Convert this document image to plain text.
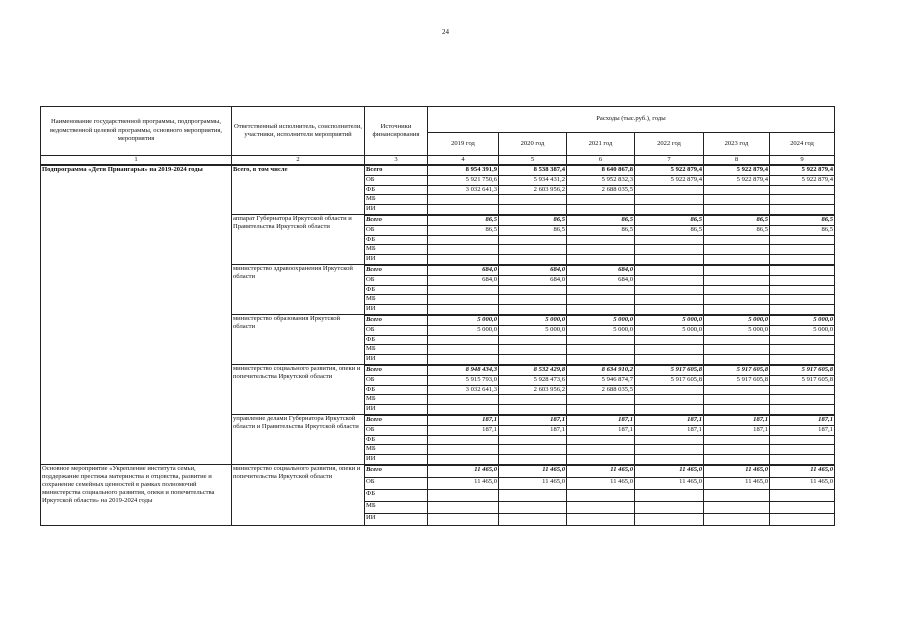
24
Наименование государственной программы, подпрограммы, ведомственной целевой программы, основного мероприятия, мероприятия	Ответственный исполнитель, соисполнители, участники, исполнители мероприятий	Источники финансирования	Расходы (тыс.руб.), годы					
			2019 год	2020 год	2021 год	2022 год	2023 год	2024 год
1	2	3	4	5	6	7	8	9
Подпрограмма «Дети Приангарья» на 2019-2024 годы	Всего, в том числе	Всего	8 954 391,9	8 538 387,4	8 640 867,8	5 922 879,4	5 922 879,4	5 922 879,4
		ОБ	5 921 750,6	5 934 431,2	5 952 832,3	5 922 879,4	5 922 879,4	5 922 879,4
		ФБ	3 032 641,3	2 603 956,2	2 688 035,5			
		МБ						
		ИИ						
	аппарат Губернатора Иркутской области и Правительства Иркутской области	Всего	86,5	86,5	86,5	86,5	86,5	86,5
		ОБ	86,5	86,5	86,5	86,5	86,5	86,5
		ФБ						
		МБ						
		ИИ						
	министерство здравоохранения Иркутской области	Всего	684,0	684,0	684,0			
		ОБ	684,0	684,0	684,0			
		ФБ						
		МБ						
		ИИ						
	министерство образования Иркутской области	Всего	5 000,0	5 000,0	5 000,0	5 000,0	5 000,0	5 000,0
		ОБ	5 000,0	5 000,0	5 000,0	5 000,0	5 000,0	5 000,0
		ФБ						
		МБ						
		ИИ						
	министерство социального развития, опеки и попечительства Иркутской области	Всего	8 948 434,3	8 532 429,8	8 634 910,2	5 917 605,8	5 917 605,8	5 917 605,8
		ОБ	5 915 793,0	5 928 473,6	5 946 874,7	5 917 605,8	5 917 605,8	5 917 605,8
		ФБ	3 032 641,3	2 603 956,2	2 688 035,5			
		МБ						
		ИИ						
	управление делами Губернатора Иркутской области и Правительства Иркутской области	Всего	187,1	187,1	187,1	187,1	187,1	187,1
		ОБ	187,1	187,1	187,1	187,1	187,1	187,1
		ФБ						
		МБ						
		ИИ						
Основное мероприятие «Укрепление института семьи, поддержание престижа материнства и отцовства, развитие и сохранение семейных ценностей в рамках полномочий министерства социального развития, опеки и попечительства Иркутской области» на 2019-2024 годы	министерство социального развития, опеки и попечительства Иркутской области	Всего	11 465,0	11 465,0	11 465,0	11 465,0	11 465,0	11 465,0
		ОБ	11 465,0	11 465,0	11 465,0	11 465,0	11 465,0	11 465,0
		ФБ						
		МБ						
		ИИ						
